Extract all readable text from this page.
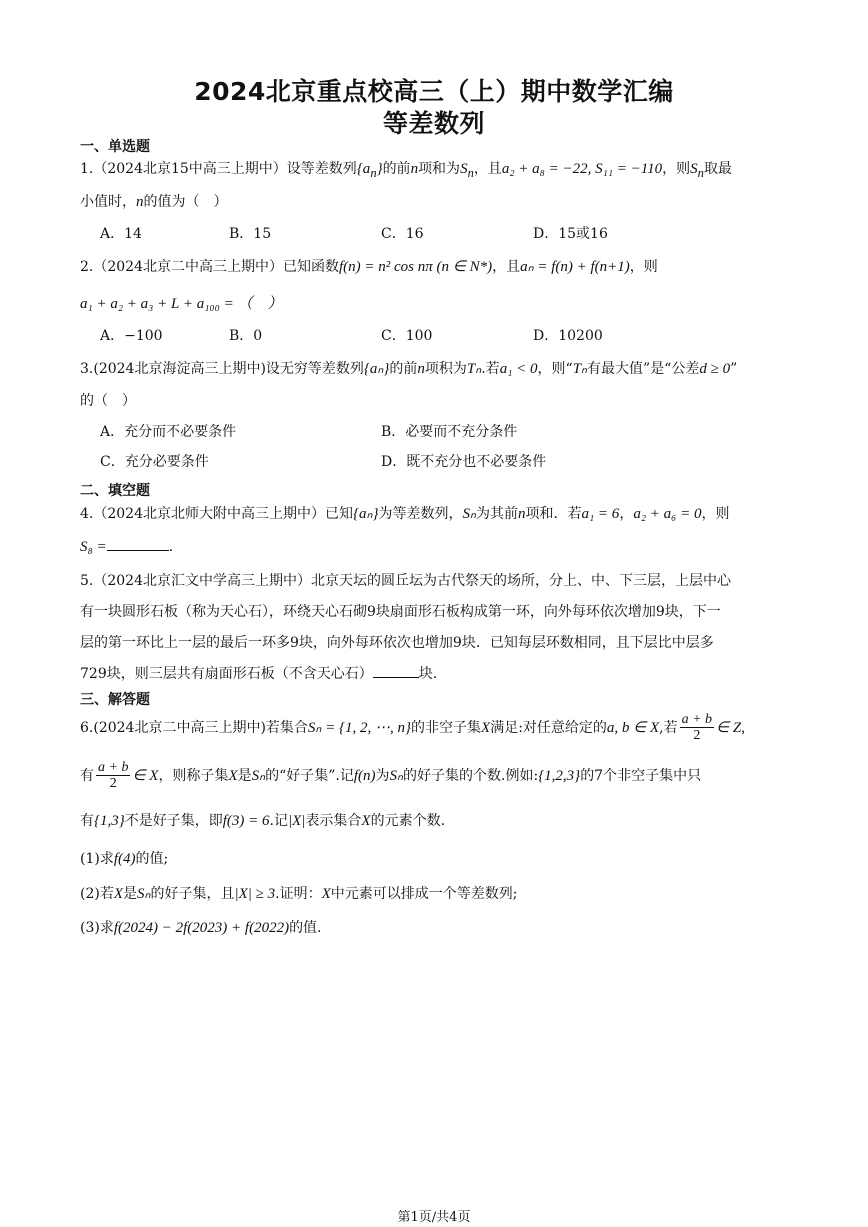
2024北京重点校高三（上）期中数学汇编
等差数列
一、单选题
1.（2024北京15中高三上期中）设等差数列$\{a_n\}$的前n项和为$S_n$，且a₂ + a₈ = −22, S₁₁ = −110，则$S_n$取最
小值时，n的值为（　）
A．14	B．15	C．16	D．15或16
2.（2024北京二中高三上期中）已知函数f(n) = n² cos nπ (n ∈ N*)，且aₙ = f(n) + f(n+1)，则
a₁ + a₂ + a₃ + L + a₁₀₀ = （　）
A．−100	B．0	C．100	D．10200
3.(2024北京海淀高三上期中)设无穷等差数列{aₙ}的前n项积为Tₙ.若a₁ < 0，则“Tₙ有最大值”是“公差d ≥ 0”
的（　）
A．充分而不必要条件	B．必要而不充分条件
C．充分必要条件	D．既不充分也不必要条件
二、填空题
4.（2024北京北师大附中高三上期中）已知{aₙ}为等差数列，Sₙ为其前n项和．若a₁ = 6，a₂ + a₆ = 0，则
S₈ =	.
5.（2024北京汇文中学高三上期中）北京天坛的圆丘坛为古代祭天的场所，分上、中、下三层，上层中心
有一块圆形石板（称为天心石），环绕天心石砌9块扇面形石板构成第一环，向外每环依次增加9块，下一
层的第一环比上一层的最后一环多9块，向外每环依次也增加9块．已知每层环数相同，且下层比中层多
729块，则三层共有扇面形石板（不含天心石）	块.
三、解答题
6.(2024北京二中高三上期中)若集合Sₙ = {1, 2, ⋯, n}的非空子集X满足:对任意给定的a, b ∈ X,若 $\frac{a + b}{2}$ ∈ Z,
有 $\frac{a + b}{2}$ ∈ X，则称子集X是Sₙ的“好子集”.记f(n)为Sₙ的好子集的个数.例如:{1,2,3}的7个非空子集中只
有{1,3}不是好子集，即f(3) = 6.记|X|表示集合X的元素个数.
(1)求f(4)的值;
(2)若X是Sₙ的好子集，且|X| ≥ 3.证明：X中元素可以排成一个等差数列;
(3)求f(2024) − 2f(2023) + f(2022)的值.
第1页/共4页
